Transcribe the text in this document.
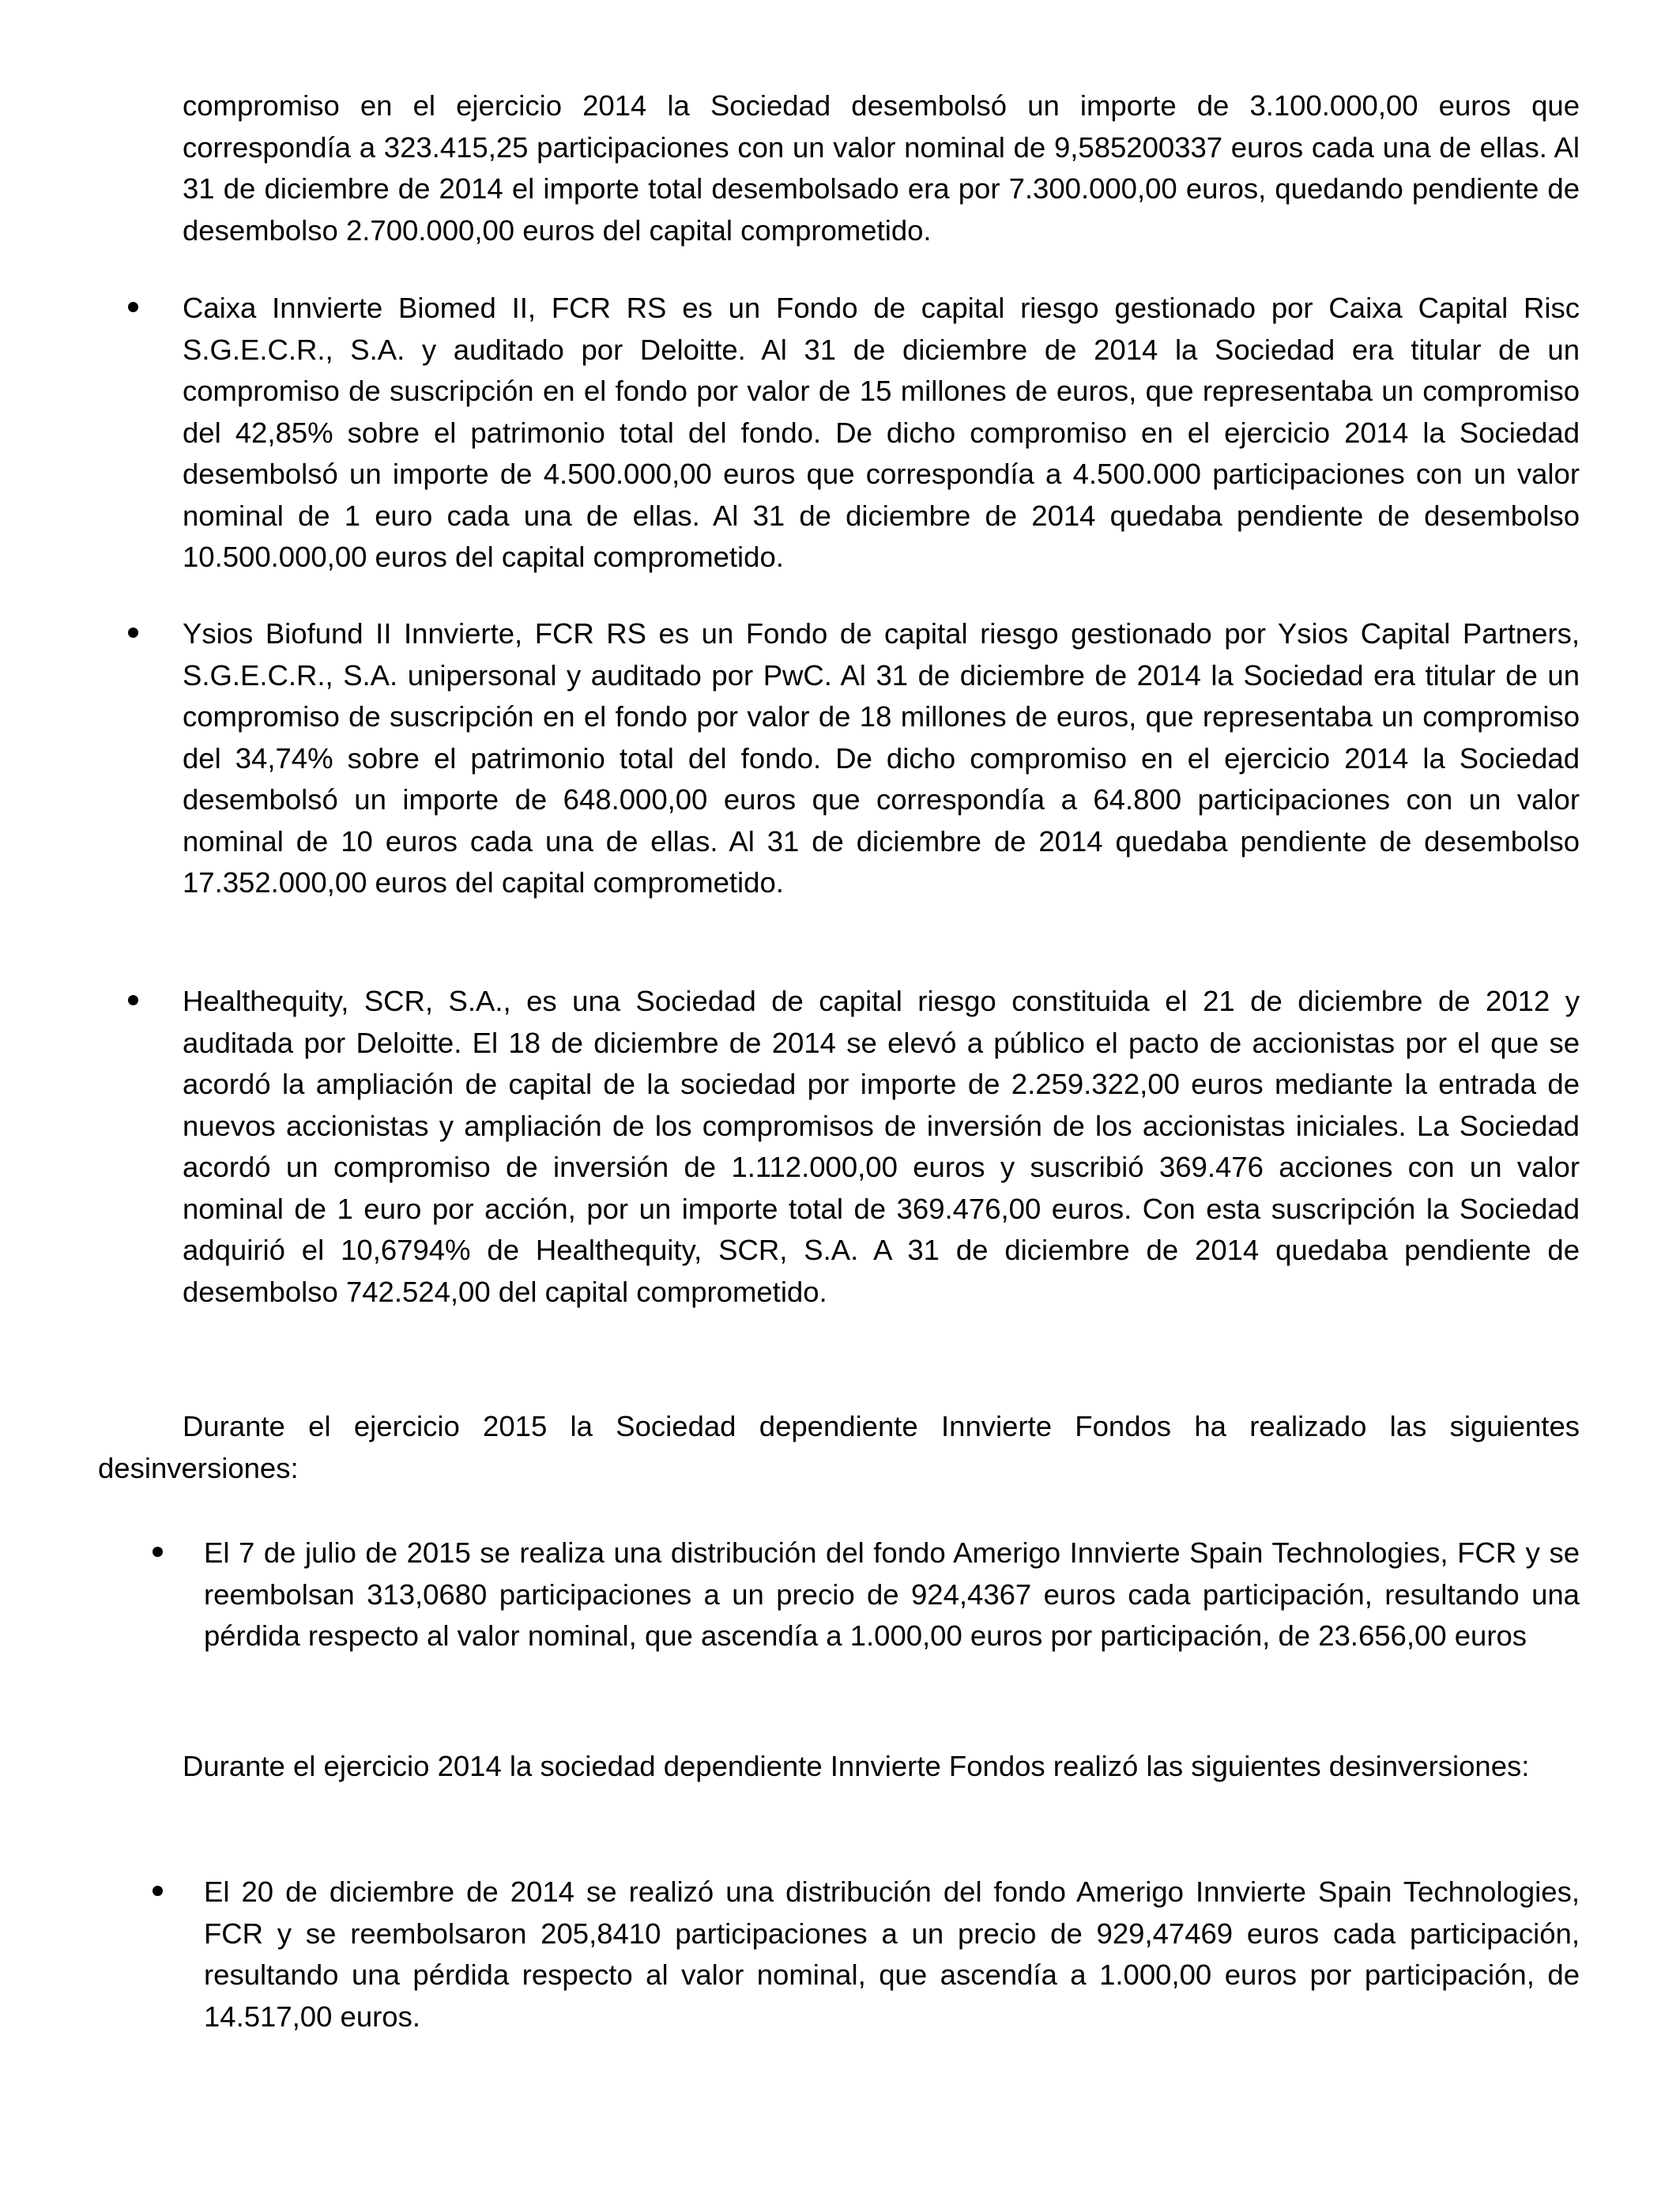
compromiso en el ejercicio 2014 la Sociedad desembolsó un importe de 3.100.000,00 euros que correspondía a 323.415,25 participaciones con un valor nominal de 9,585200337 euros cada una de ellas. Al 31 de diciembre de 2014 el importe total desembolsado era por 7.300.000,00 euros, quedando pendiente de desembolso 2.700.000,00 euros del capital comprometido.

Caixa Innvierte Biomed II, FCR RS es un Fondo de capital riesgo gestionado por Caixa Capital Risc S.G.E.C.R., S.A. y auditado por Deloitte. Al 31 de diciembre de 2014 la Sociedad era titular de un compromiso de suscripción en el fondo por valor de 15 millones de euros, que representaba un compromiso del 42,85% sobre el patrimonio total del fondo. De dicho compromiso en el ejercicio 2014 la Sociedad desembolsó un importe de 4.500.000,00 euros que correspondía a 4.500.000 participaciones con un valor nominal de 1 euro cada una de ellas. Al 31 de diciembre de 2014 quedaba pendiente de desembolso 10.500.000,00 euros del capital comprometido.

Ysios Biofund II Innvierte, FCR RS es un Fondo de capital riesgo gestionado por Ysios Capital Partners, S.G.E.C.R., S.A. unipersonal y auditado por PwC. Al 31 de diciembre de 2014 la Sociedad era titular de un compromiso de suscripción en el fondo por valor de 18 millones de euros, que representaba un compromiso del 34,74% sobre el patrimonio total del fondo. De dicho compromiso en el ejercicio 2014 la Sociedad desembolsó un importe de 648.000,00 euros que correspondía a 64.800 participaciones con un valor nominal de 10 euros cada una de ellas. Al 31 de diciembre de 2014 quedaba pendiente de desembolso 17.352.000,00 euros del capital comprometido.

Healthequity, SCR, S.A., es una Sociedad de capital riesgo constituida el 21 de diciembre de 2012 y auditada por Deloitte. El 18 de diciembre de 2014 se elevó a público el pacto de accionistas por el que se acordó la ampliación de capital de la sociedad por importe de 2.259.322,00 euros mediante la entrada de nuevos accionistas y ampliación de los compromisos de inversión de los accionistas iniciales. La Sociedad acordó un compromiso de inversión de 1.112.000,00 euros y suscribió 369.476 acciones con un valor nominal de 1 euro por acción, por un importe total de 369.476,00 euros. Con esta suscripción la Sociedad adquirió el 10,6794% de Healthequity, SCR, S.A. A 31 de diciembre de 2014 quedaba pendiente de desembolso 742.524,00 del capital comprometido.

Durante el ejercicio 2015 la Sociedad dependiente Innvierte Fondos ha realizado las siguientes desinversiones:

El 7 de julio de 2015 se realiza una distribución del fondo Amerigo Innvierte Spain Technologies, FCR y se reembolsan 313,0680 participaciones a un precio de 924,4367 euros cada participación, resultando una pérdida respecto al valor nominal, que ascendía a 1.000,00 euros por participación, de 23.656,00 euros

Durante el ejercicio 2014 la sociedad dependiente Innvierte Fondos realizó las siguientes desinversiones:

El 20 de diciembre de 2014 se realizó una distribución del fondo Amerigo Innvierte Spain Technologies, FCR y se reembolsaron 205,8410 participaciones a un precio de 929,47469 euros cada participación, resultando una pérdida respecto al valor nominal, que ascendía a 1.000,00 euros por participación, de 14.517,00 euros.
